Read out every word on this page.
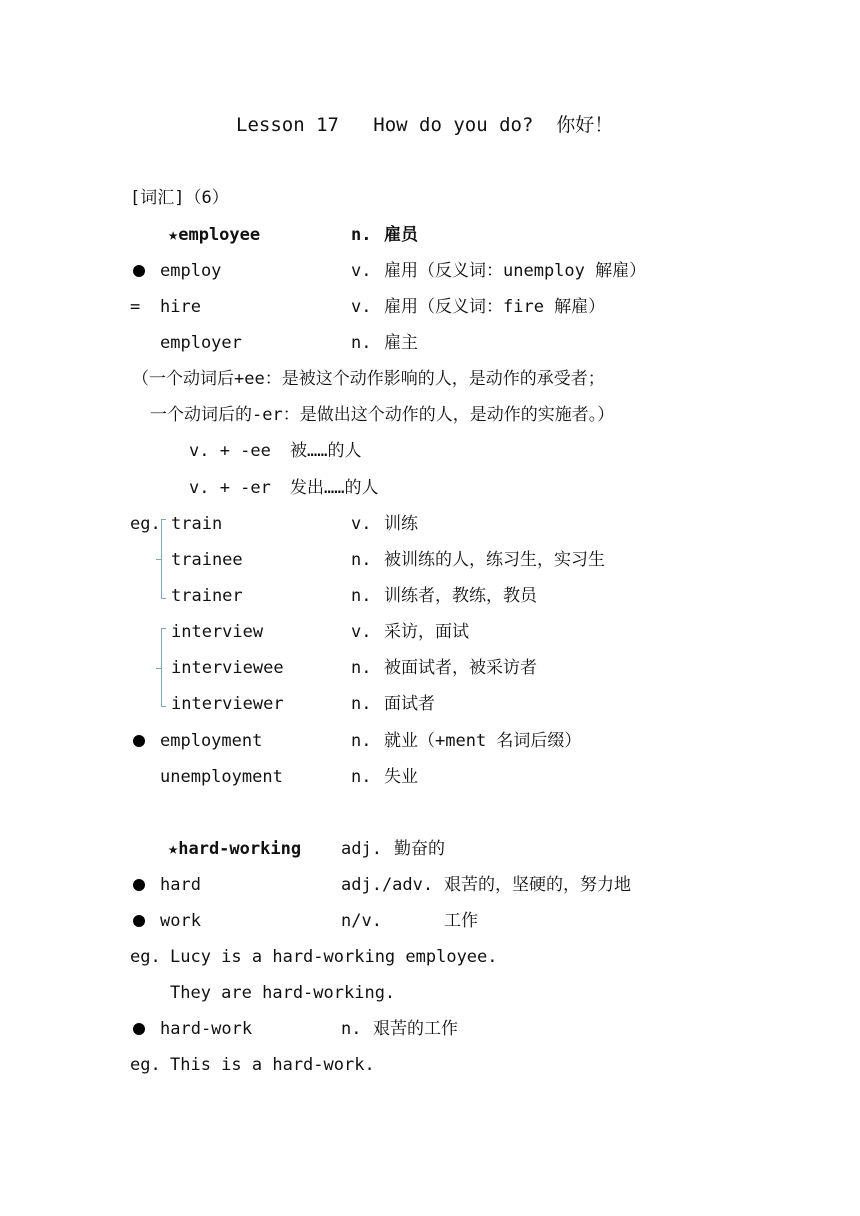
Lesson 17   How do you do?  你好！
[词汇]（6）
★employee	n. 雇员
employ	v. 雇用（反义词：unemploy 解雇）
= hire	v. 雇用（反义词：fire 解雇）
employer	n. 雇主
（一个动词后+ee：是被这个动作影响的人，是动作的承受者；
一个动词后的-er：是做出这个动作的人，是动作的实施者。）
v. + -ee 被……的人
v. + -er 发出……的人
eg. train	v. 训练
trainee	n. 被训练的人，练习生，实习生
trainer	n. 训练者，教练，教员
interview	v. 采访，面试
interviewee	n. 被面试者，被采访者
interviewer	n. 面试者
employment	n. 就业（+ment 名词后缀）
unemployment	n. 失业
★hard-working adj. 勤奋的
hard	adj./adv. 艰苦的，坚硬的，努力地
work	n/v.	工作
eg. Lucy is a hard-working employee.
They are hard-working.
hard-work	n. 艰苦的工作
eg. This is a hard-work.
